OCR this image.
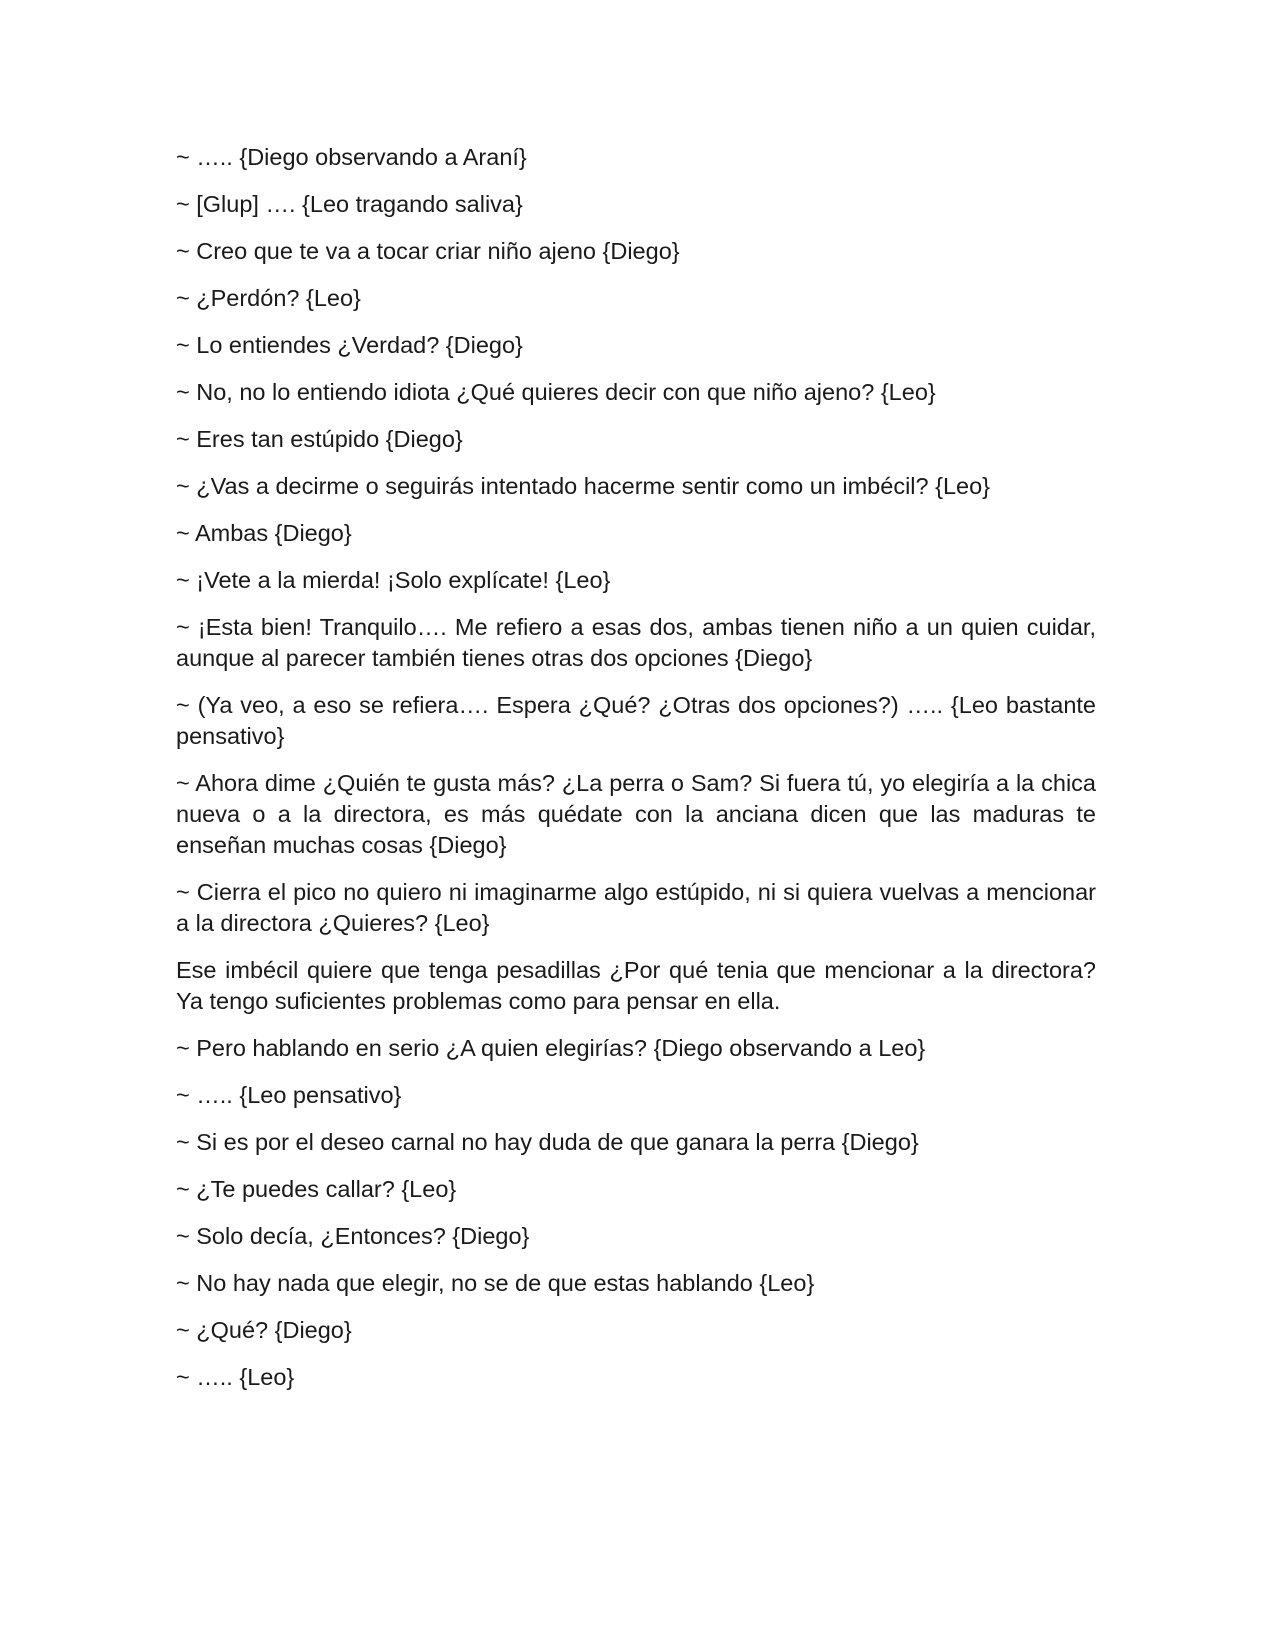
~ ….. {Diego observando a Araní}

~ [Glup] …. {Leo tragando saliva}

~ Creo que te va a tocar criar niño ajeno {Diego}

~ ¿Perdón? {Leo}

~ Lo entiendes ¿Verdad? {Diego}

~ No, no lo entiendo idiota ¿Qué quieres decir con que niño ajeno? {Leo}

~ Eres tan estúpido {Diego}

~ ¿Vas a decirme o seguirás intentado hacerme sentir como un imbécil? {Leo}

~ Ambas {Diego}

~ ¡Vete a la mierda! ¡Solo explícate! {Leo}

~ ¡Esta bien! Tranquilo…. Me refiero a esas dos, ambas tienen niño a un quien cuidar, aunque al parecer también tienes otras dos opciones {Diego}

~ (Ya veo, a eso se refiera…. Espera ¿Qué? ¿Otras dos opciones?) ….. {Leo bastante pensativo}

~ Ahora dime ¿Quién te gusta más? ¿La perra o Sam? Si fuera tú, yo elegiría a la chica nueva o a la directora, es más quédate con la anciana dicen que las maduras te enseñan muchas cosas {Diego}

~ Cierra el pico no quiero ni imaginarme algo estúpido, ni si quiera vuelvas a mencionar a la directora ¿Quieres? {Leo}

Ese imbécil quiere que tenga pesadillas ¿Por qué tenia que mencionar a la directora? Ya tengo suficientes problemas como para pensar en ella.

~ Pero hablando en serio ¿A quien elegirías? {Diego observando a Leo}

~ ….. {Leo pensativo}

~ Si es por el deseo carnal no hay duda de que ganara la perra {Diego}

~ ¿Te puedes callar? {Leo}

~ Solo decía, ¿Entonces? {Diego}

~ No hay nada que elegir, no se de que estas hablando {Leo}

~ ¿Qué? {Diego}

~ ….. {Leo}
